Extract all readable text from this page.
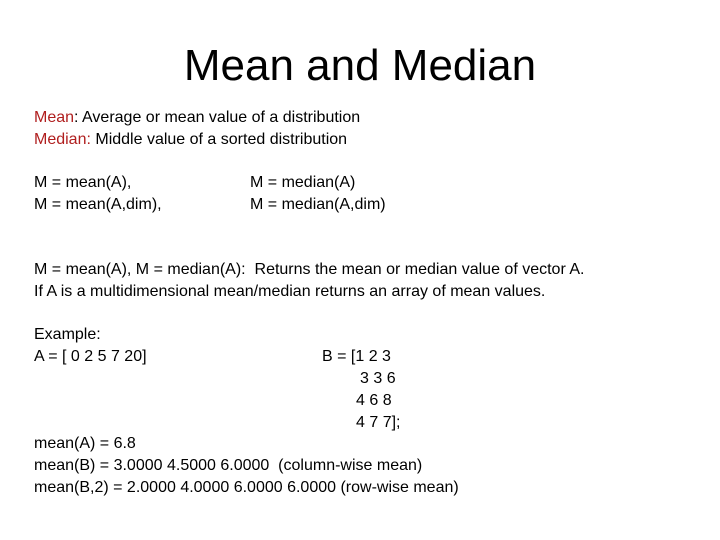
Mean and Median
Mean: Average or mean value of a distribution
Median: Middle value of a sorted distribution
M = mean(A),
M = mean(A,dim),
M = median(A)
M = median(A,dim)
M = mean(A), M = median(A):  Returns the mean or median value of vector A.
If A is a multidimensional mean/median returns an array of mean values.
Example:
A = [ 0 2 5 7 20]	B = [1 2 3
3 3 6
4 6 8
4 7 7];
mean(A) = 6.8
mean(B) = 3.0000 4.5000 6.0000  (column-wise mean)
mean(B,2) = 2.0000 4.0000 6.0000 6.0000 (row-wise mean)
